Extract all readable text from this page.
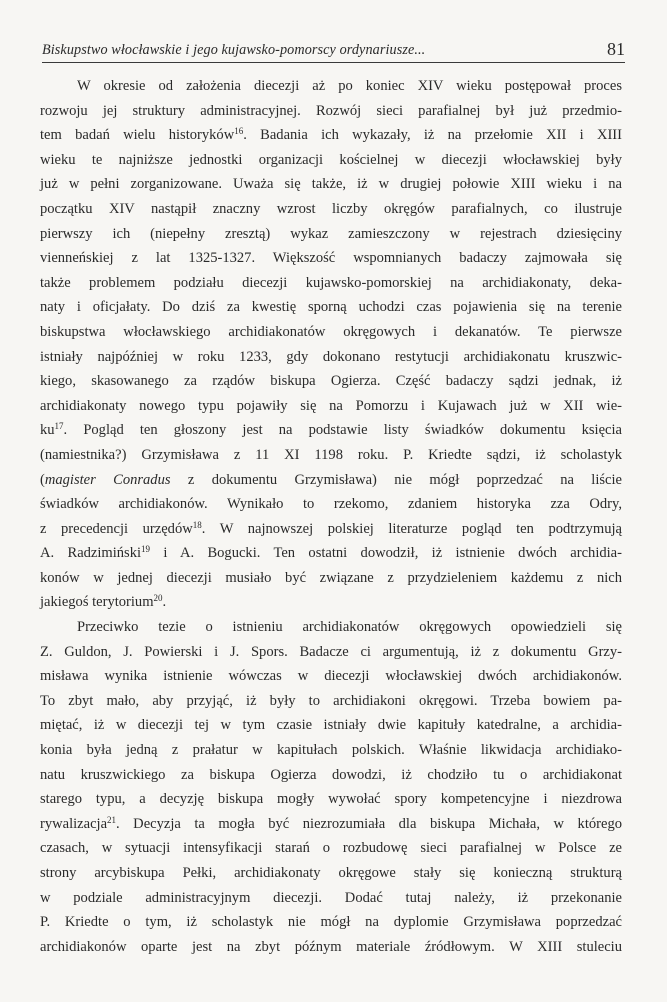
Biskupstwo włocławskie i jego kujawsko-pomorscy ordynariusze...	81
W okresie od założenia diecezji aż po koniec XIV wieku postępował proces
rozwoju jej struktury administracyjnej. Rozwój sieci parafialnej był już przedmio-
tem badań wielu historyków$^{16}$. Badania ich wykazały, iż na przełomie XII i XIII
wieku te najniższe jednostki organizacji kościelnej w diecezji włocławskiej były
już w pełni zorganizowane. Uważa się także, iż w drugiej połowie XIII wieku i na
początku XIV nastąpił znaczny wzrost liczby okręgów parafialnych, co ilustruje
pierwszy ich (niepełny zresztą) wykaz zamieszczony w rejestrach dziesięciny
vienneńskiej z lat 1325-1327. Większość wspomnianych badaczy zajmowała się
także problemem podziału diecezji kujawsko-pomorskiej na archidiakonaty, deka-
naty i oficjałaty. Do dziś za kwestię sporną uchodzi czas pojawienia się na terenie
biskupstwa włocławskiego archidiakonatów okręgowych i dekanatów. Te pierwsze
istniały najpóźniej w roku 1233, gdy dokonano restytucji archidiakonatu kruszwic-
kiego, skasowanego za rządów biskupa Ogierza. Część badaczy sądzi jednak, iż
archidiakonaty nowego typu pojawiły się na Pomorzu i Kujawach już w XII wie-
$ku^{17}$. Pogląd ten głoszony jest na podstawie listy świadków dokumentu księcia
(namiestnika?) Grzymisława z 11 XI 1198 roku. P. Kriedte sądzi, iż scholastyk
(magister Conradus z dokumentu Grzymisława) nie mógł poprzedzać na liście
świadków archidiakonów. Wynikało to rzekomo, zdaniem historyka zza Odry,
z precedencji urzędów$^{18}$. W najnowszej polskiej literaturze pogląd ten podtrzymują
A. Radzimiński$^{19}$ i A. Bogucki. Ten ostatni dowodził, iż istnienie dwóch archidia-
konów w jednej diecezji musiało być związane z przydzieleniem każdemu z nich
jakiegoś terytorium$^{20}$.
Przeciwko tezie o istnieniu archidiakonatów okręgowych opowiedzieli się
Z. Guldon, J. Powierski i J. Spors. Badacze ci argumentują, iż z dokumentu Grzy-
misława wynika istnienie wówczas w diecezji włocławskiej dwóch archidiakonów.
To zbyt mało, aby przyjąć, iż były to archidiakoni okręgowi. Trzeba bowiem pa-
miętać, iż w diecezji tej w tym czasie istniały dwie kapituły katedralne, a archidia-
konia była jedną z prałatur w kapitułach polskich. Właśnie likwidacja archidiako-
natu kruszwickiego za biskupa Ogierza dowodzi, iż chodziło tu o archidiakonat
starego typu, a decyzję biskupa mogły wywołać spory kompetencyjne i niezdrowa
rywalizacja$^{21}$. Decyzja ta mogła być niezrozumiała dla biskupa Michała, w którego
czasach, w sytuacji intensyfikacji starań o rozbudowę sieci parafialnej w Polsce ze
strony arcybiskupa Pełki, archidiakonaty okręgowe stały się konieczną strukturą
w podziale administracyjnym diecezji. Dodać tutaj należy, iż przekonanie
P. Kriedte o tym, iż scholastyk nie mógł na dyplomie Grzymisława poprzedzać
archidiakonów oparte jest na zbyt późnym materiale źródłowym. W XIII stuleciu
